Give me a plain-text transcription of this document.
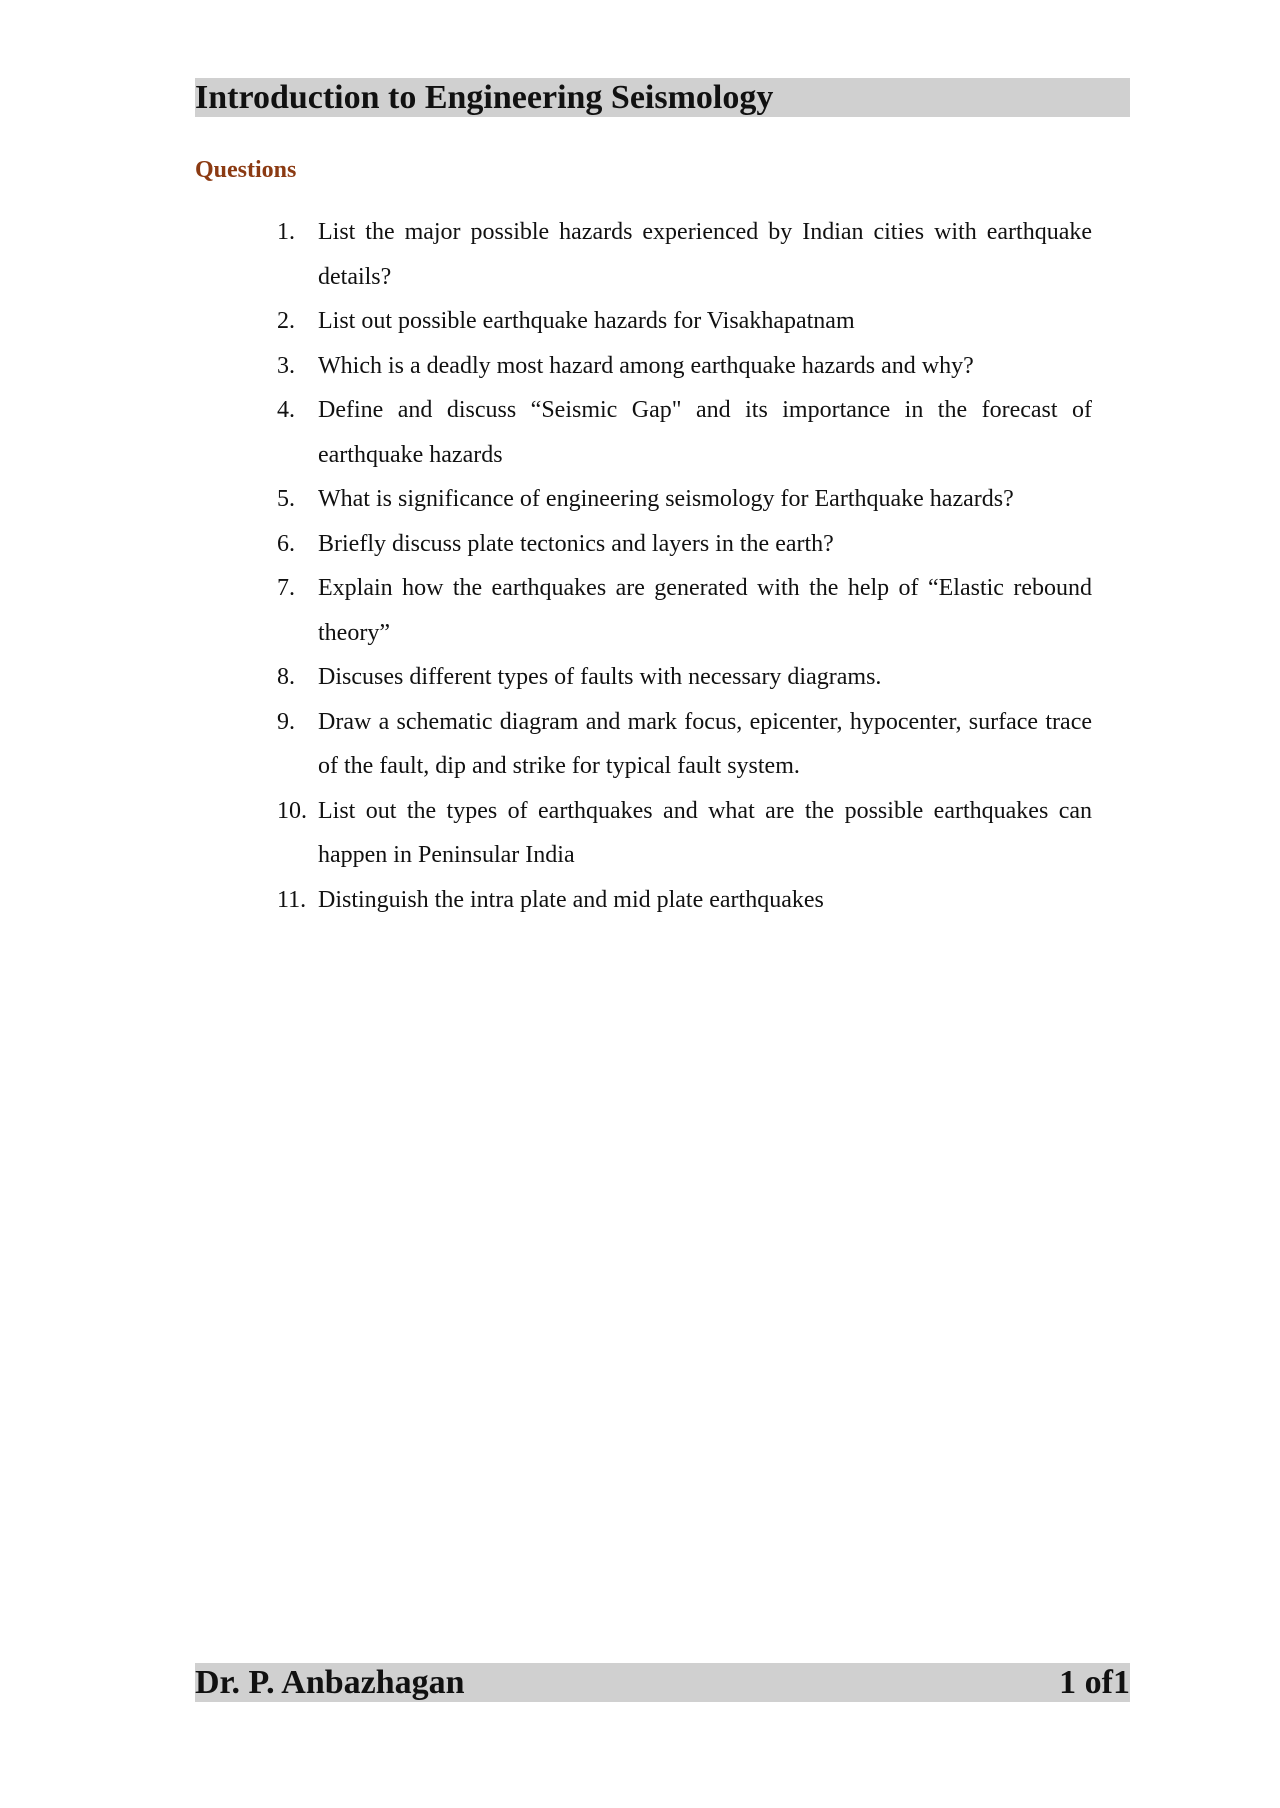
Introduction to Engineering Seismology
Questions
1. List the major possible hazards experienced by Indian cities with earthquake details?
2. List out possible earthquake hazards for Visakhapatnam
3. Which is a deadly most hazard among earthquake hazards and why?
4. Define and discuss “Seismic Gap" and its importance in the forecast of earthquake hazards
5. What is significance of engineering seismology for Earthquake hazards?
6. Briefly discuss plate tectonics and layers in the earth?
7. Explain how the earthquakes are generated with the help of “Elastic rebound theory”
8. Discuses different types of faults with necessary diagrams.
9. Draw a schematic diagram and mark focus, epicenter, hypocenter, surface trace of the fault, dip and strike for typical fault system.
10. List out the types of earthquakes and what are the possible earthquakes can happen in Peninsular India
11. Distinguish the intra plate and mid plate earthquakes
Dr. P. Anbazhagan	1 of1
